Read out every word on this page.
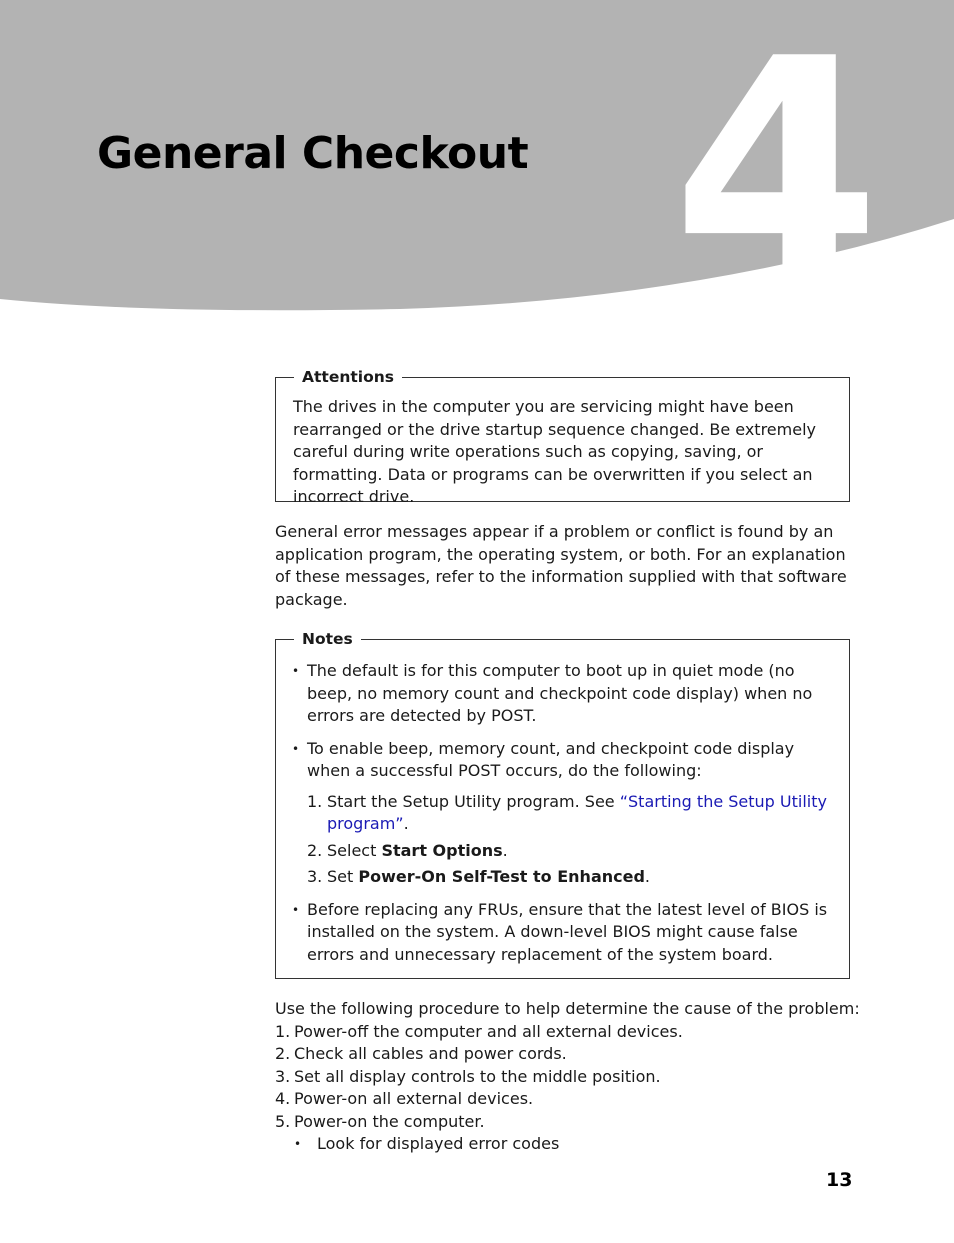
4
General Checkout
Attentions
The drives in the computer you are servicing might have been rearranged or the drive startup sequence changed. Be extremely careful during write operations such as copying, saving, or formatting. Data or programs can be overwritten if you select an incorrect drive.

General error messages appear if a problem or conflict is found by an application program, the operating system, or both. For an explanation of these messages, refer to the information supplied with that software package.

Notes
• The default is for this computer to boot up in quiet mode (no beep, no memory count and checkpoint code display) when no errors are detected by POST.
• To enable beep, memory count, and checkpoint code display when a successful POST occurs, do the following:
1. Start the Setup Utility program. See “Starting the Setup Utility program”.
2. Select Start Options.
3. Set Power-On Self-Test to Enhanced.
• Before replacing any FRUs, ensure that the latest level of BIOS is installed on the system. A down-level BIOS might cause false errors and unnecessary replacement of the system board.

Use the following procedure to help determine the cause of the problem:

1. Power-off the computer and all external devices.
2. Check all cables and power cords.
3. Set all display controls to the middle position.
4. Power-on all external devices.
5. Power-on the computer.
• Look for displayed error codes
13
